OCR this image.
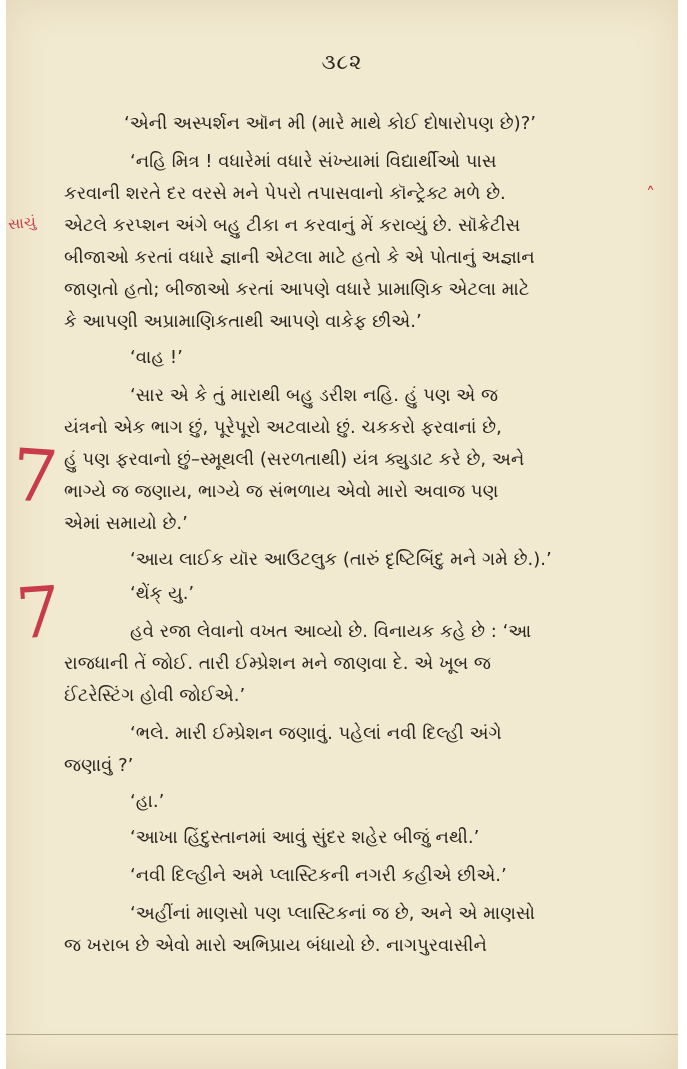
૩૮૨
‘એની અસ્પર્શન ઑન મી (મારે માથે કોઈ દોષારોપણ છે)?’
‘નહિ મિત્ર ! વધારેમાં વધારે સંખ્યામાં વિદ્યાર્થીઓ પાસ
કરવાની શરતે દર વરસે મને પેપરો તપાસવાનો કૉન્ટ્રેક્ટ મળે છે.
એટલે કરપ્શન અંગે બહુ ટીકા ન કરવાનું મેં કરાવ્યું છે. સૉક્રેટીસ
બીજાઓ કરતાં વધારે જ્ઞાની એટલા માટે હતો કે એ પોતાનું અજ્ઞાન
જાણતો હતો; બીજાઓ કરતાં આપણે વધારે પ્રામાણિક એટલા માટે
કે આપણી અપ્રામાણિકતાથી આપણે વાકેફ છીએ.’
‘વાહ !’
‘સાર એ કે તું મારાથી બહુ ડરીશ નહિ. હું પણ એ જ
યંત્રનો એક ભાગ છું, પૂરેપૂરો અટવાયો છું. ચકકરો ફરવાનાં છે,
હું પણ ફરવાનો છું–સ્મૂથલી (સરળતાથી) યંત્ર ક્યુડાટ કરે છે, અને
ભાગ્યે જ જણાય, ભાગ્યે જ સંભળાય એવો મારો અવાજ પણ
એમાં સમાયો છે.’
‘આય લાઈક યૉર આઉટલુક (તારું દૃષ્ટિબિંદુ મને ગમે છે.).’
‘થેંક્ યુ.’
હવે રજા લેવાનો વખત આવ્યો છે. વિનાયક કહે છે : ‘આ
રાજધાની તેં જોઈ. તારી ઈમ્પ્રેશન મને જાણવા દે. એ ખૂબ જ
ઈંટરેસ્ટિંગ હોવી જોઈએ.’
‘ભલે. મારી ઈમ્પ્રેશન જણાવું. પહેલાં નવી દિલ્હી અંગે
જણાવું ?’
‘હા.’
‘આખા હિંદુસ્તાનમાં આવું સુંદર શહેર બીજું નથી.’
‘નવી દિલ્હીને અમે પ્લાસ્ટિકની નગરી કહીએ છીએ.’
‘અહીંનાં માણસો પણ પ્લાસ્ટિકનાં જ છે, અને એ માણસો
જ ખરાબ છે એવો મારો અભિપ્રાય બંધાયો છે. નાગપુરવાસીને
સાચું
7
7
˄
